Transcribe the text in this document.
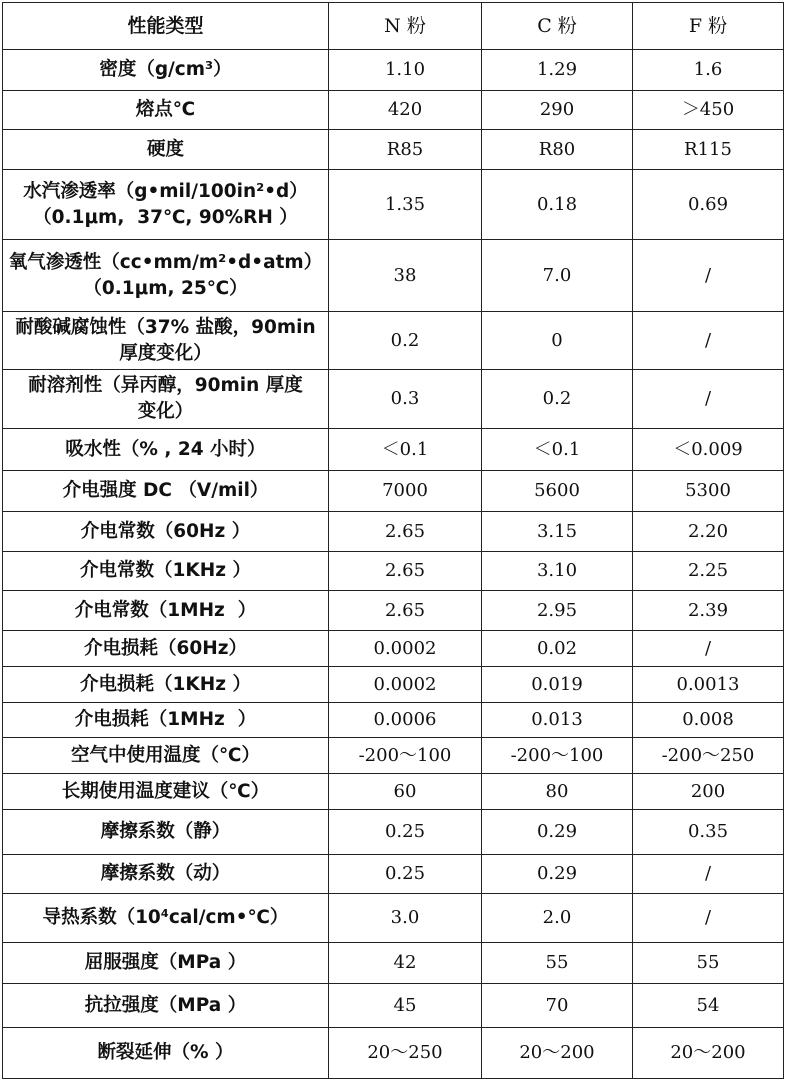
性能类型	N 粉	C 粉	F 粉
密度（g/cm³）	1.10	1.29	1.6
熔点℃	420	290	＞450
硬度	R85	R80	R115
水汽渗透率（g•mil/100in²•d）
（0.1μm,  37℃, 90%RH ）	1.35	0.18	0.69
氧气渗透性（cc•mm/m²•d•atm）
（0.1μm, 25℃）	38	7.0	/
耐酸碱腐蚀性（37% 盐酸，90min
厚度变化）	0.2	0	/
耐溶剂性（异丙醇，90min 厚度
变化）	0.3	0.2	/
吸水性（% , 24 小时）	＜0.1	＜0.1	＜0.009
介电强度 DC （V/mil）	7000	5600	5300
介电常数（60Hz ）	2.65	3.15	2.20
介电常数（1KHz ）	2.65	3.10	2.25
介电常数（1MHz  ）	2.65	2.95	2.39
介电损耗（60Hz）	0.0002	0.02	/
介电损耗（1KHz ）	0.0002	0.019	0.0013
介电损耗（1MHz  ）	0.0006	0.013	0.008
空气中使用温度（℃）	-200～100	-200～100	-200～250
长期使用温度建议（℃）	60	80	200
摩擦系数（静）	0.25	0.29	0.35
摩擦系数（动）	0.25	0.29	/
导热系数（10⁴cal/cm•℃）	3.0	2.0	/
屈服强度（MPa ）	42	55	55
抗拉强度（MPa ）	45	70	54
断裂延伸（% ）	20～250	20～200	20～200
